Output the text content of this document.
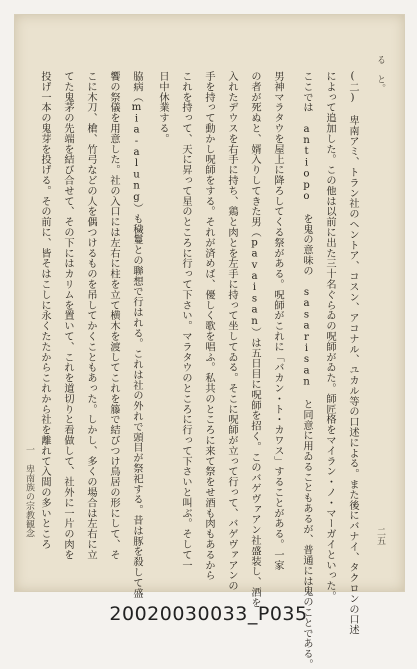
る と。
(二) 卑南アミ、トラン社のヘントア、コスン、アコナル、ユカル等の口述による。また後にバナイ、タクロンの口述
によって追加した。この他は以前に出た三十名ぐらゐの呪師がゐた。師匠格をマイラン・ノ・マーガイといった。
ここでは antiopo を鬼の意味の sasarisan と同意に用ゐることもあるが、普通には鬼のことである。
男神マラタウを屋上に降ろしてくる祭がある。呪師がこれに「バカン・ト・カワス」することがある。一家
の者が死ぬと、婿入りしてきた男（pavaisan）は五日目に呪師を招く。このバゲヴァアン社盛装し、酒を
入れたデウスを右手に持ち、鶏と肉とを左手に持って坐してゐる。そこに呪師が立って行って、バゲヴァアンの
手を持って動かし呪師をする。それが済めば、優しく歌を唱ふ。私共のところに来て祭をせ酒も肉もあるから
これを持って、天に昇って星のところに行って下さい。マラタウのところに行って下さいと叫ぶ。そして一
日中休業する。
脇病（mia-alung）も穢鬘との聯想で行はれる。これは社の外れで頭目が祭祀する。昔は豚を殺して盛
饗の祭儀を用意した。社の入口には左右に柱を立て横木を渡してこれを籐で結びつけ鳥居の形にして、そ
こに木刀、槍、竹弓などの人を偶つけるものを吊してかくこともあった。しかし、多くの場合は左右に立
てた鬼茅の先端を結び合せて、その下にはカリムを置いて、これを道切りと看做して、社外に一片の肉を
投げ一本の鬼芽を投げる。その前に、皆そはこしに永くたたからこれから社を離れて入間の多いところ
一 卑南族の宗教観念	二五
20020030033_P035
